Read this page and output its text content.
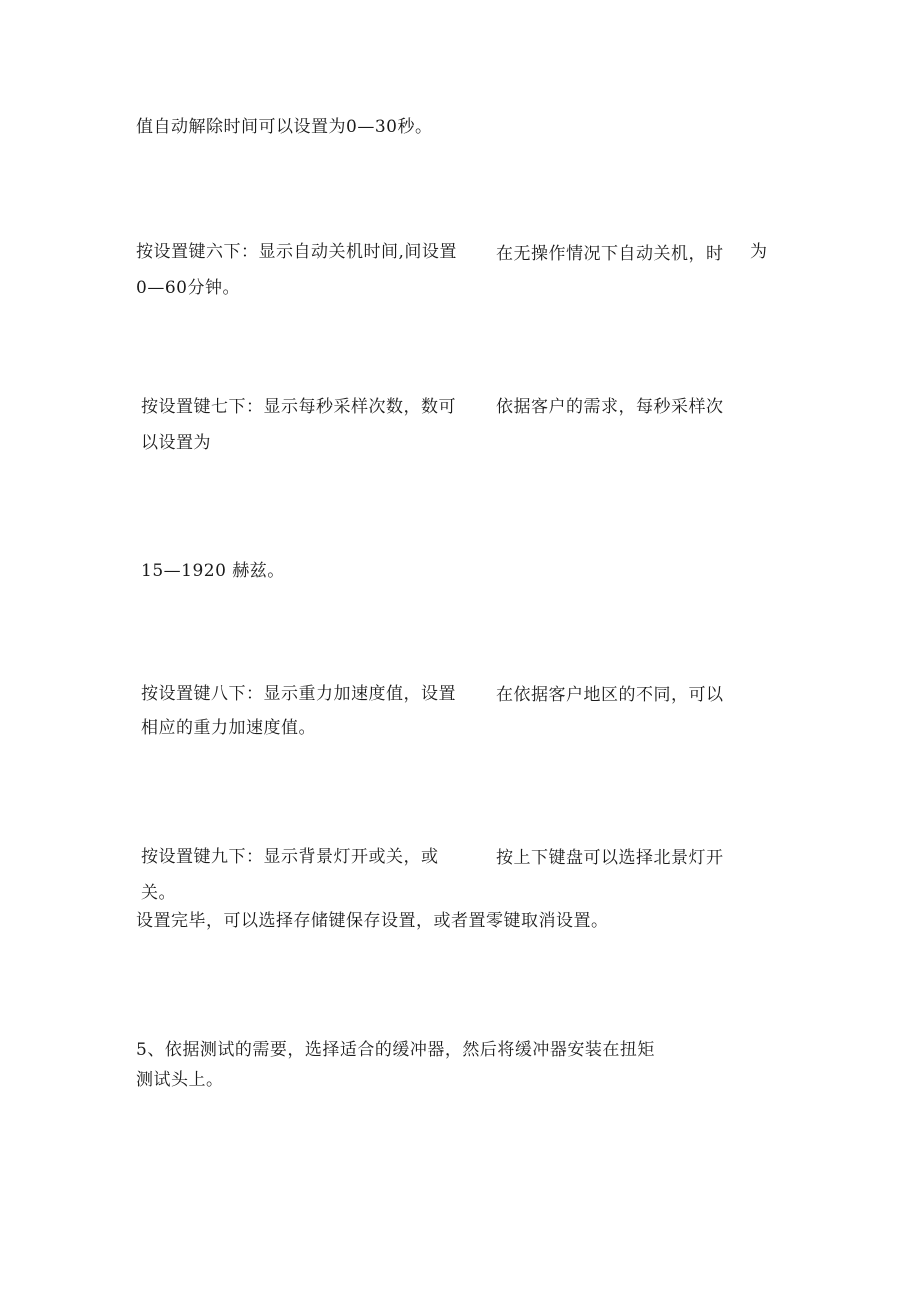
值自动解除时间可以设置为0—30秒。
按设置键六下：显示自动关机时间,间设置 在无操作情况下自动关机，时 为
0—60分钟。
按设置键七下：显示每秒采样次数，数可 依据客户的需求，每秒采样次
以设置为
15—1920 赫兹。
按设置键八下：显示重力加速度值，设置 在依据客户地区的不同，可以
相应的重力加速度值。
按设置键九下：显示背景灯开或关，或	按上下键盘可以选择北景灯开
关。
设置完毕，可以选择存储键保存设置，或者置零键取消设置。
5、依据测试的需要，选择适合的缓冲器，然后将缓冲器安装在扭矩
测试头上。
